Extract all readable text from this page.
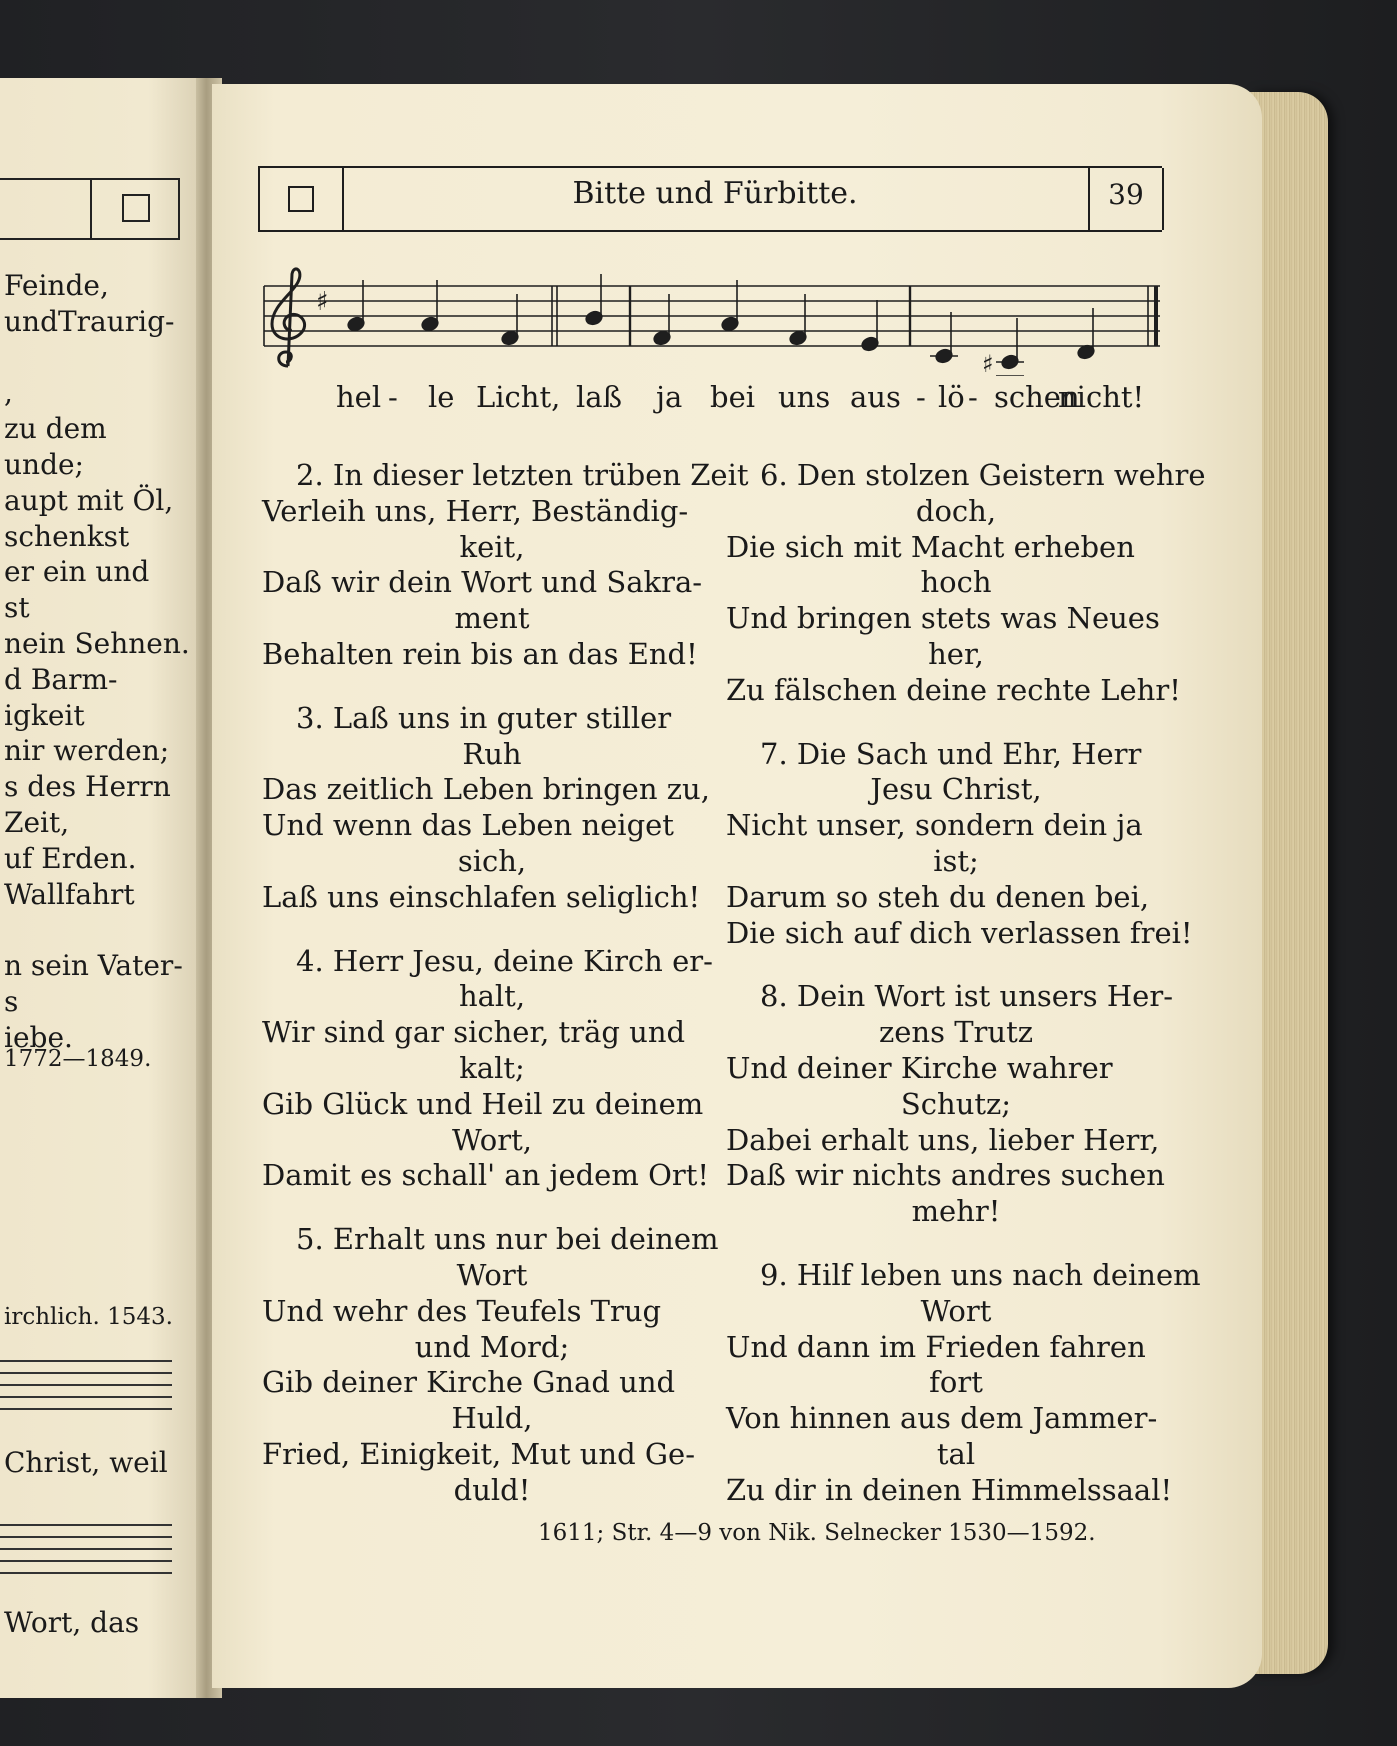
Feinde,
undTraurig-

,
zu dem
unde;
aupt mit Öl,
schenkst
er ein und
st
nein Sehnen.
d Barm-
igkeit
nir werden;
s des Herrn
Zeit,
uf Erden.
Wallfahrt

n sein Vater-
s
iebe.
1772—1849.
irchlich. 1543.
Christ, weil
Wort, das
Bitte und Fürbitte.	39
♯
♯
hel - le Licht, laß ja bei uns aus - lö - schen
nicht!
2. In dieser letzten trüben Zeit
Verleih uns, Herr, Beständig-
keit,
Daß wir dein Wort und Sakra-
ment
Behalten rein bis an das End!
3. Laß uns in guter stiller
Ruh
Das zeitlich Leben bringen zu,
Und wenn das Leben neiget
sich,
Laß uns einschlafen seliglich!
4. Herr Jesu, deine Kirch er-
halt,
Wir sind gar sicher, träg und
kalt;
Gib Glück und Heil zu deinem
Wort,
Damit es schall' an jedem Ort!
5. Erhalt uns nur bei deinem
Wort
Und wehr des Teufels Trug
und Mord;
Gib deiner Kirche Gnad und
Huld,
Fried, Einigkeit, Mut und Ge-
duld!
6. Den stolzen Geistern wehre
doch,
Die sich mit Macht erheben
hoch
Und bringen stets was Neues
her,
Zu fälschen deine rechte Lehr!
7. Die Sach und Ehr, Herr
Jesu Christ,
Nicht unser, sondern dein ja
ist;
Darum so steh du denen bei,
Die sich auf dich verlassen frei!
8. Dein Wort ist unsers Her-
zens Trutz
Und deiner Kirche wahrer
Schutz;
Dabei erhalt uns, lieber Herr,
Daß wir nichts andres suchen
mehr!
9. Hilf leben uns nach deinem
Wort
Und dann im Frieden fahren
fort
Von hinnen aus dem Jammer-
tal
Zu dir in deinen Himmelssaal!
1611; Str. 4—9 von Nik. Selnecker 1530—1592.
